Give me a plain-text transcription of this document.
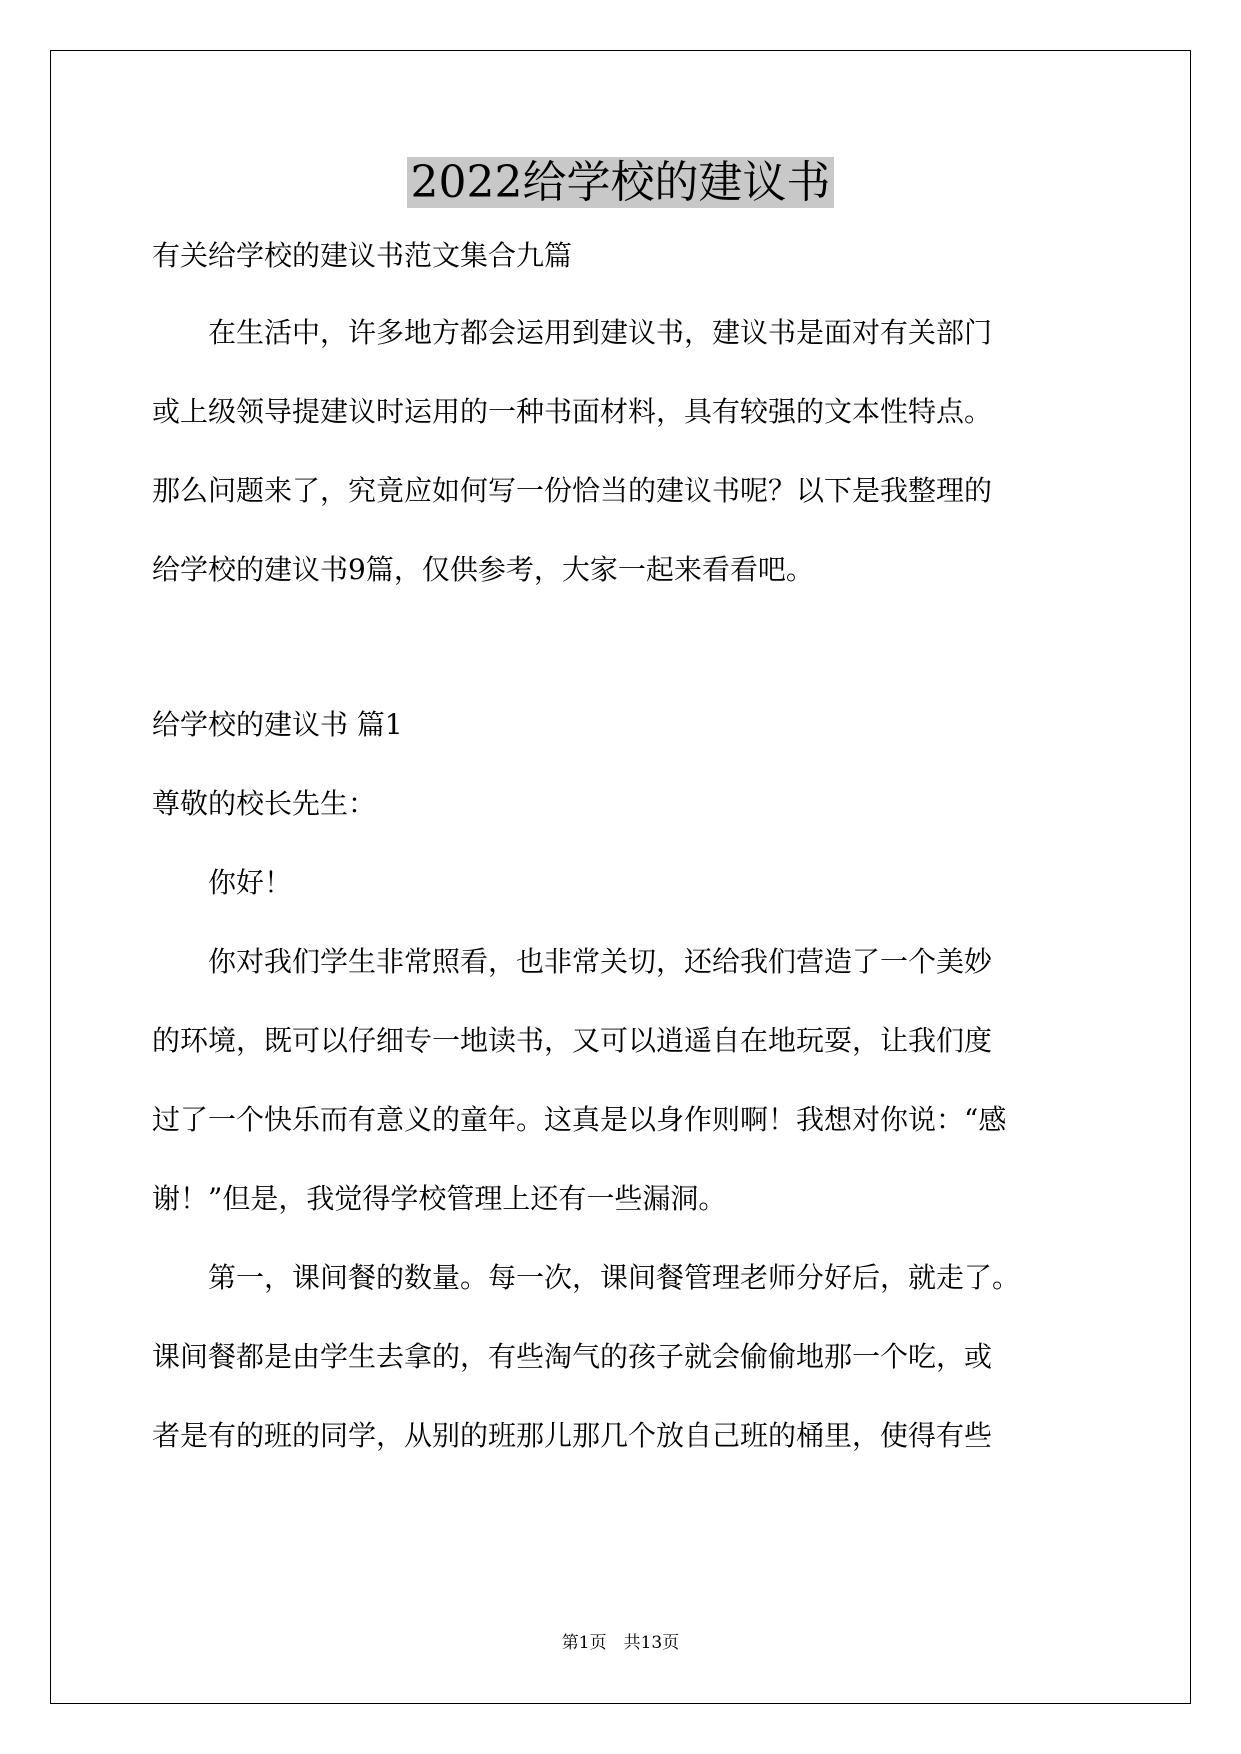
2022给学校的建议书
有关给学校的建议书范文集合九篇
　　在生活中，许多地方都会运用到建议书，建议书是面对有关部门
或上级领导提建议时运用的一种书面材料，具有较强的文本性特点。
那么问题来了，究竟应如何写一份恰当的建议书呢？以下是我整理的
给学校的建议书9篇，仅供参考，大家一起来看看吧。
给学校的建议书 篇1
尊敬的校长先生：
　　你好！
　　你对我们学生非常照看，也非常关切，还给我们营造了一个美妙
的环境，既可以仔细专一地读书，又可以逍遥自在地玩耍，让我们度
过了一个快乐而有意义的童年。这真是以身作则啊！我想对你说：“感
谢！”但是，我觉得学校管理上还有一些漏洞。
　　第一，课间餐的数量。每一次，课间餐管理老师分好后，就走了。
课间餐都是由学生去拿的，有些淘气的孩子就会偷偷地那一个吃，或
者是有的班的同学，从别的班那儿那几个放自己班的桶里，使得有些
第1页　共13页
